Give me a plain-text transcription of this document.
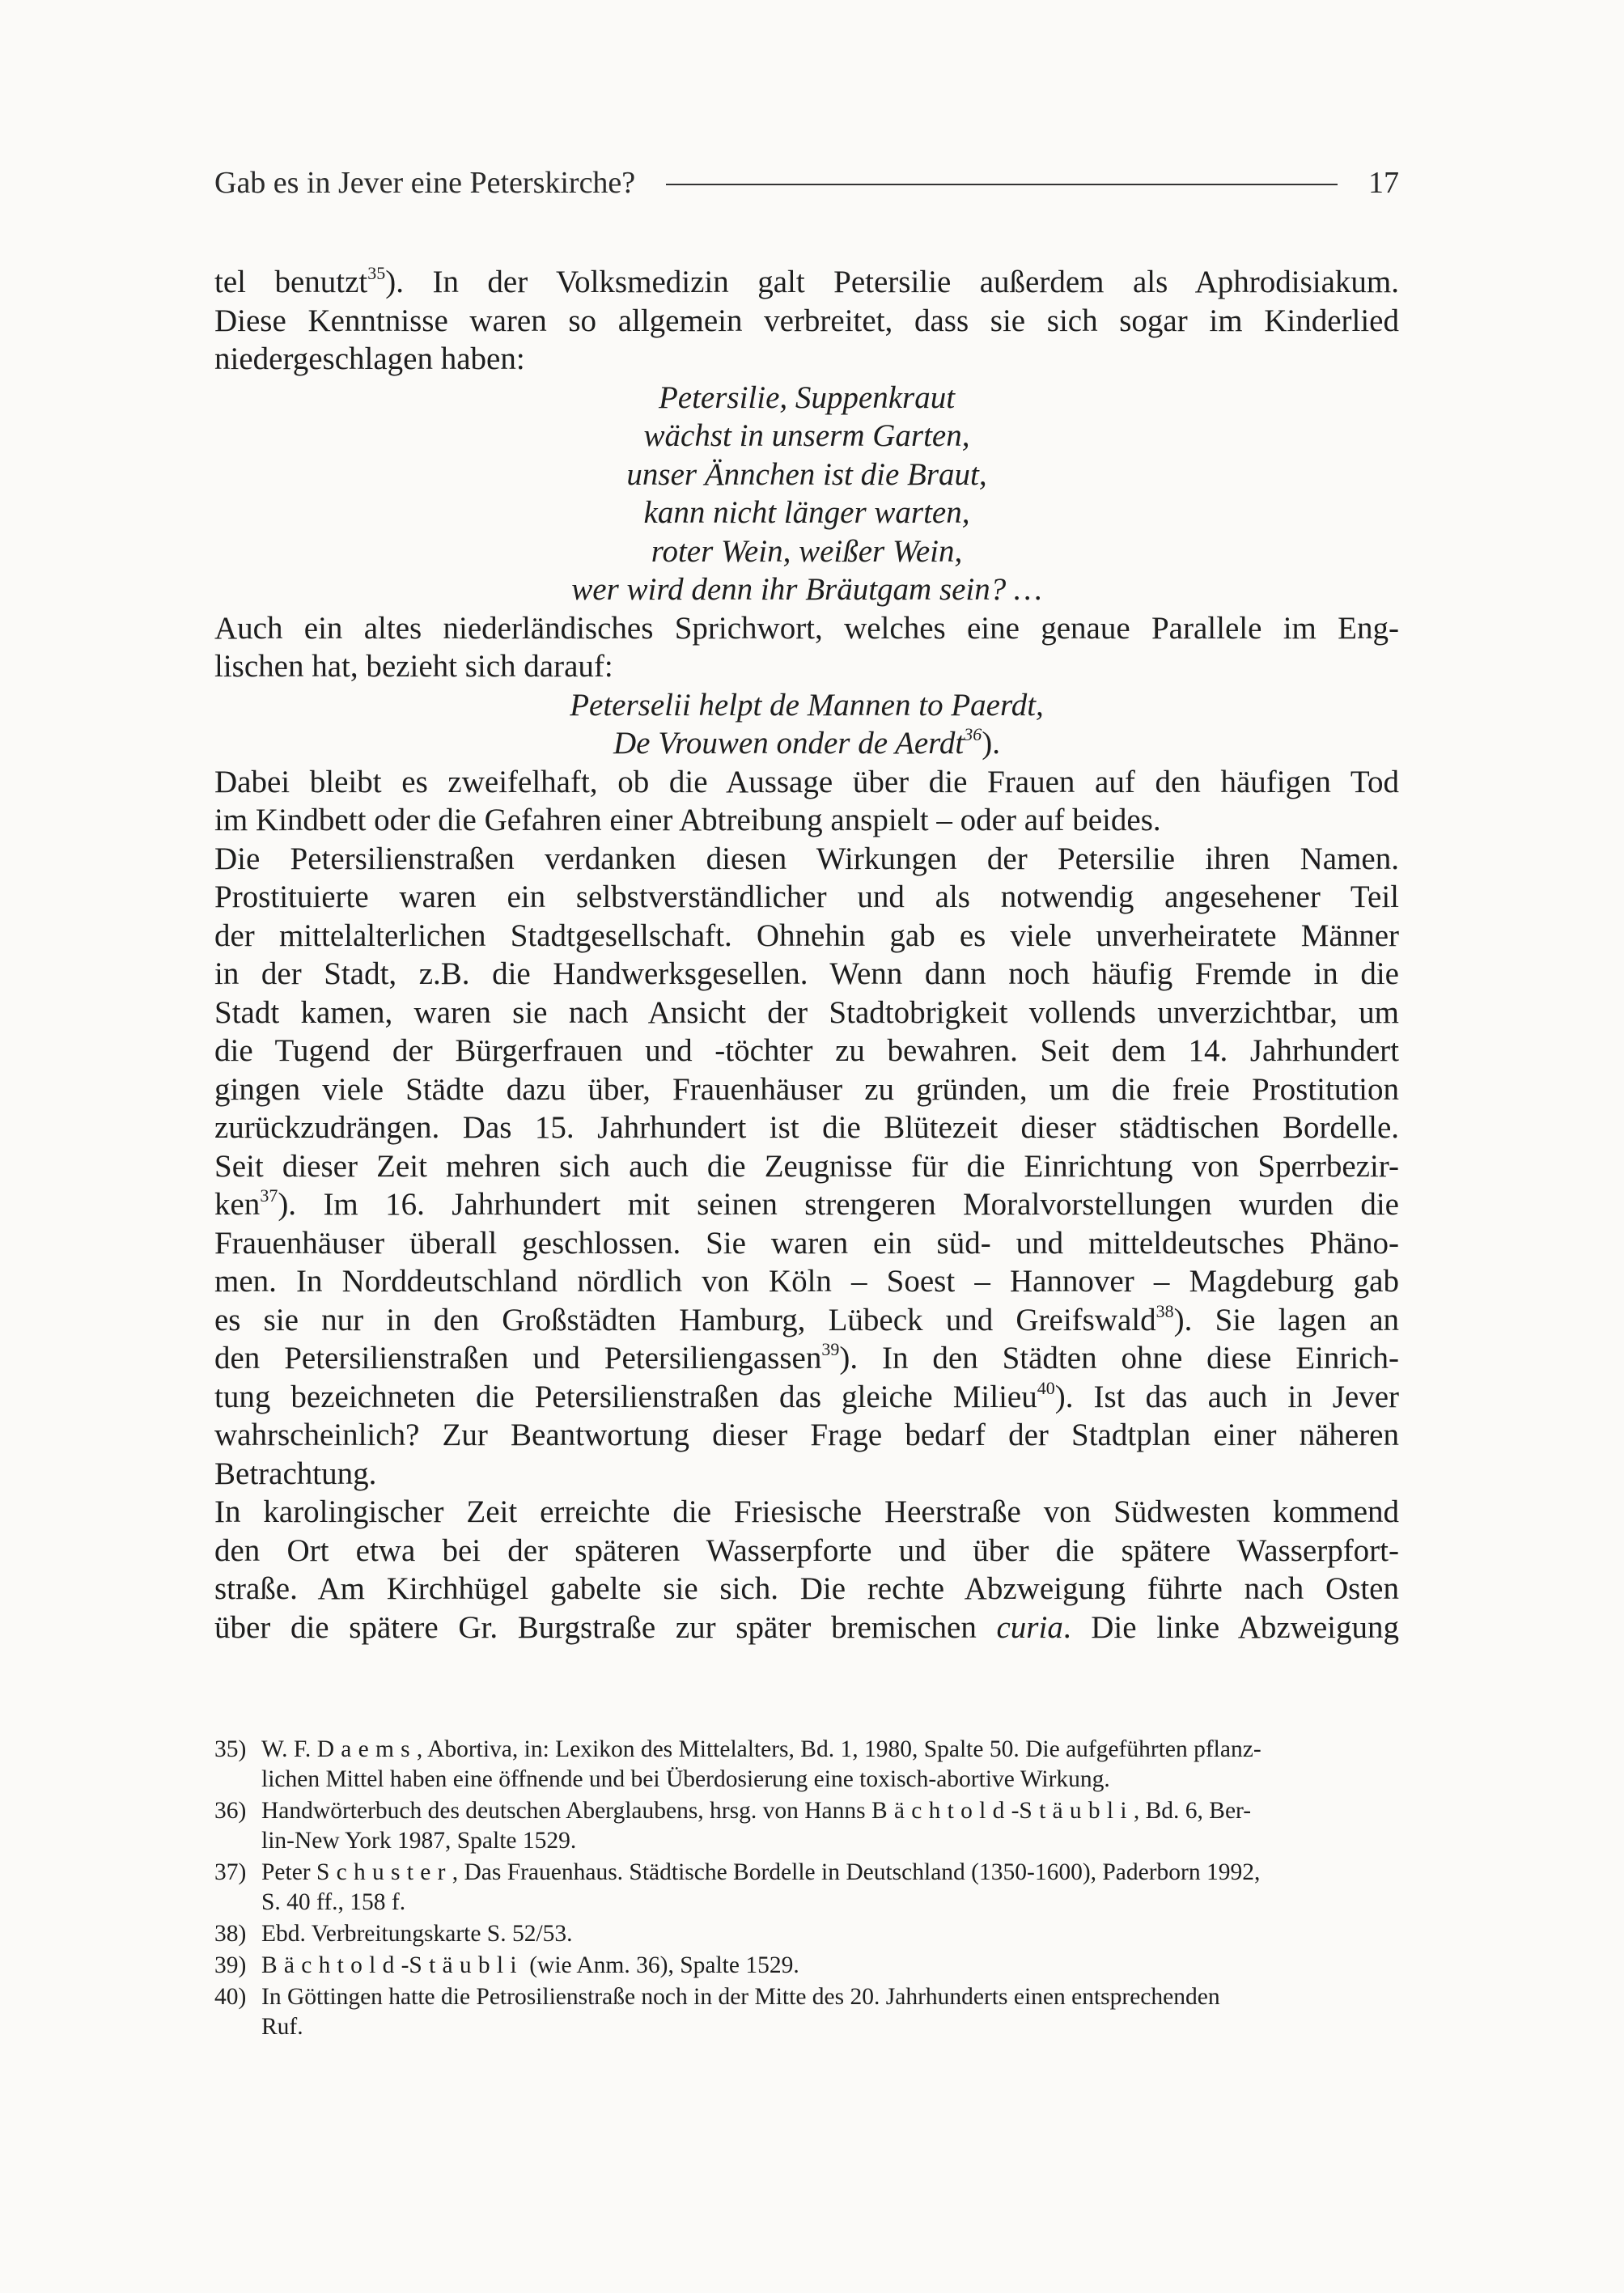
Gab es in Jever eine Peterskirche?	17
tel benutzt$^{35}$). In der Volksmedizin galt Petersilie außerdem als Aphrodisiakum.
Diese Kenntnisse waren so allgemein verbreitet, dass sie sich sogar im Kinderlied
niedergeschlagen haben:
Petersilie, Suppenkraut
wächst in unserm Garten,
unser Ännchen ist die Braut,
kann nicht länger warten,
roter Wein, weißer Wein,
wer wird denn ihr Bräutgam sein? …
Auch ein altes niederländisches Sprichwort, welches eine genaue Parallele im Eng-
lischen hat, bezieht sich darauf:
Peterselii helpt de Mannen to Paerdt,
De Vrouwen onder de Aerdt$^{36}$).
Dabei bleibt es zweifelhaft, ob die Aussage über die Frauen auf den häufigen Tod
im Kindbett oder die Gefahren einer Abtreibung anspielt – oder auf beides.
Die Petersilienstraßen verdanken diesen Wirkungen der Petersilie ihren Namen.
Prostituierte waren ein selbstverständlicher und als notwendig angesehener Teil
der mittelalterlichen Stadtgesellschaft. Ohnehin gab es viele unverheiratete Männer
in der Stadt, z.B. die Handwerksgesellen. Wenn dann noch häufig Fremde in die
Stadt kamen, waren sie nach Ansicht der Stadtobrigkeit vollends unverzichtbar, um
die Tugend der Bürgerfrauen und -töchter zu bewahren. Seit dem 14. Jahrhundert
gingen viele Städte dazu über, Frauenhäuser zu gründen, um die freie Prostitution
zurückzudrängen. Das 15. Jahrhundert ist die Blütezeit dieser städtischen Bordelle.
Seit dieser Zeit mehren sich auch die Zeugnisse für die Einrichtung von Sperrbezir-
ken$^{37}$). Im 16. Jahrhundert mit seinen strengeren Moralvorstellungen wurden die
Frauenhäuser überall geschlossen. Sie waren ein süd- und mitteldeutsches Phäno-
men. In Norddeutschland nördlich von Köln – Soest – Hannover – Magdeburg gab
es sie nur in den Großstädten Hamburg, Lübeck und Greifswald$^{38}$). Sie lagen an
den Petersilienstraßen und Petersiliengassen$^{39}$). In den Städten ohne diese Einrich-
tung bezeichneten die Petersilienstraßen das gleiche Milieu$^{40}$). Ist das auch in Jever
wahrscheinlich? Zur Beantwortung dieser Frage bedarf der Stadtplan einer näheren
Betrachtung.
In karolingischer Zeit erreichte die Friesische Heerstraße von Südwesten kommend
den Ort etwa bei der späteren Wasserpforte und über die spätere Wasserpfort-
straße. Am Kirchhügel gabelte sie sich. Die rechte Abzweigung führte nach Osten
über die spätere Gr. Burgstraße zur später bremischen curia. Die linke Abzweigung
35) W. F. Daems, Abortiva, in: Lexikon des Mittelalters, Bd. 1, 1980, Spalte 50. Die aufgeführten pflanz-
lichen Mittel haben eine öffnende und bei Überdosierung eine toxisch-abortive Wirkung.
36) Handwörterbuch des deutschen Aberglaubens, hrsg. von Hanns Bächtold-Stäubli, Bd. 6, Ber-
lin-New York 1987, Spalte 1529.
37) Peter Schuster, Das Frauenhaus. Städtische Bordelle in Deutschland (1350-1600), Paderborn 1992,
S. 40 ff., 158 f.
38) Ebd. Verbreitungskarte S. 52/53.
39) Bächtold-Stäubli (wie Anm. 36), Spalte 1529.
40) In Göttingen hatte die Petrosilienstraße noch in der Mitte des 20. Jahrhunderts einen entsprechenden
Ruf.
